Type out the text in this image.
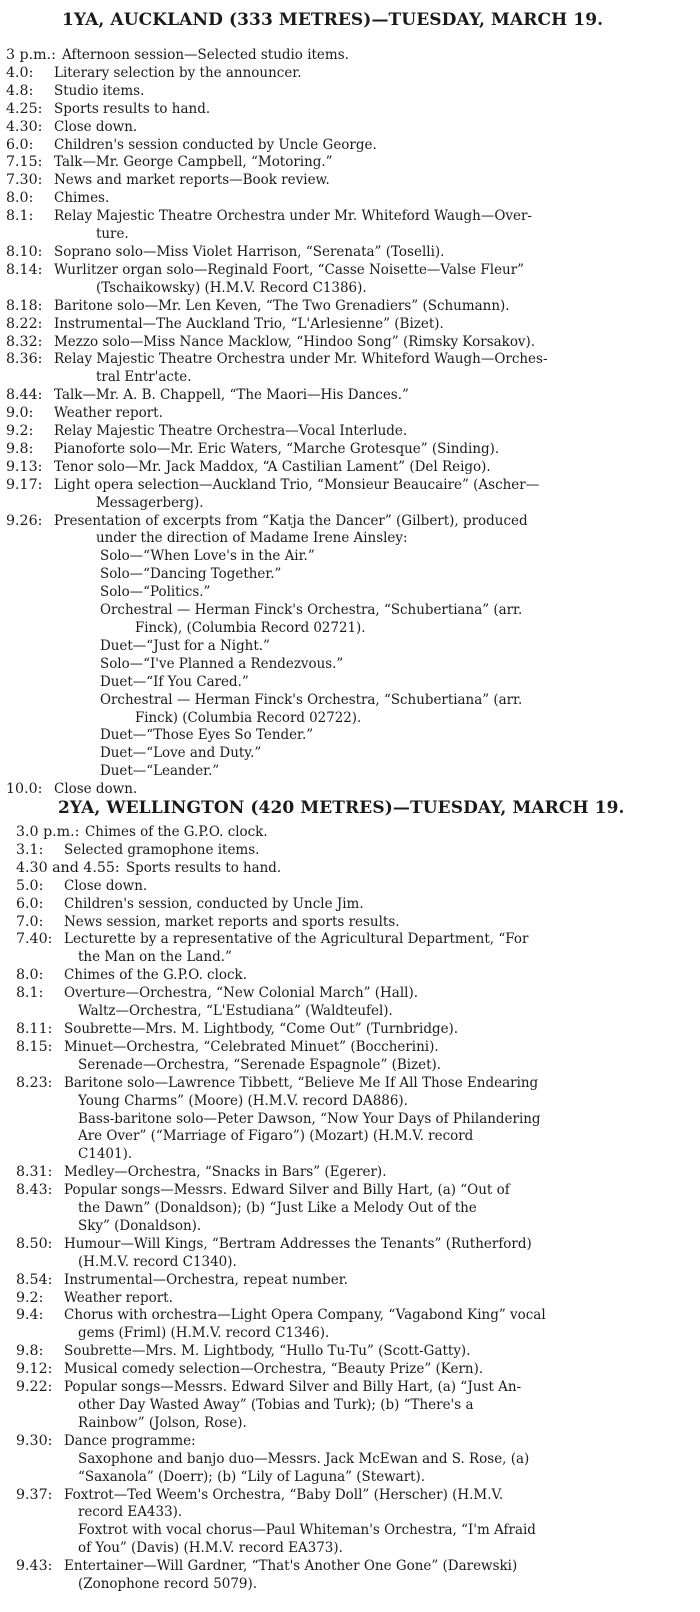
1YA, AUCKLAND (333 METRES)—TUESDAY, MARCH 19.
3 p.m.: Afternoon session—Selected studio items.
4.0: Literary selection by the announcer.
4.8: Studio items.
4.25: Sports results to hand.
4.30: Close down.
6.0: Children's session conducted by Uncle George.
7.15: Talk—Mr. George Campbell, “Motoring.”
7.30: News and market reports—Book review.
8.0: Chimes.
8.1: Relay Majestic Theatre Orchestra under Mr. Whiteford Waugh—Over-
ture.
8.10: Soprano solo—Miss Violet Harrison, “Serenata” (Toselli).
8.14: Wurlitzer organ solo—Reginald Foort, “Casse Noisette—Valse Fleur”
(Tschaikowsky) (H.M.V. Record C1386).
8.18: Baritone solo—Mr. Len Keven, “The Two Grenadiers” (Schumann).
8.22: Instrumental—The Auckland Trio, “L'Arlesienne” (Bizet).
8.32: Mezzo solo—Miss Nance Macklow, “Hindoo Song” (Rimsky Korsakov).
8.36: Relay Majestic Theatre Orchestra under Mr. Whiteford Waugh—Orches-
tral Entr'acte.
8.44: Talk—Mr. A. B. Chappell, “The Maori—His Dances.”
9.0: Weather report.
9.2: Relay Majestic Theatre Orchestra—Vocal Interlude.
9.8: Pianoforte solo—Mr. Eric Waters, “Marche Grotesque” (Sinding).
9.13: Tenor solo—Mr. Jack Maddox, “A Castilian Lament” (Del Reigo).
9.17: Light opera selection—Auckland Trio, “Monsieur Beaucaire” (Ascher—
Messagerberg).
9.26: Presentation of excerpts from “Katja the Dancer” (Gilbert), produced
under the direction of Madame Irene Ainsley:
Solo—“When Love's in the Air.”
Solo—“Dancing Together.”
Solo—“Politics.”
Orchestral — Herman Finck's Orchestra, “Schubertiana” (arr.
Finck), (Columbia Record 02721).
Duet—“Just for a Night.”
Solo—“I've Planned a Rendezvous.”
Duet—“If You Cared.”
Orchestral — Herman Finck's Orchestra, “Schubertiana” (arr.
Finck) (Columbia Record 02722).
Duet—“Those Eyes So Tender.”
Duet—“Love and Duty.”
Duet—“Leander.”
10.0: Close down.
2YA, WELLINGTON (420 METRES)—TUESDAY, MARCH 19.
3.0 p.m.: Chimes of the G.P.O. clock.
3.1: Selected gramophone items.
4.30 and 4.55: Sports results to hand.
5.0: Close down.
6.0: Children's session, conducted by Uncle Jim.
7.0: News session, market reports and sports results.
7.40: Lecturette by a representative of the Agricultural Department, “For
the Man on the Land.”
8.0: Chimes of the G.P.O. clock.
8.1: Overture—Orchestra, “New Colonial March” (Hall).
Waltz—Orchestra, “L'Estudiana” (Waldteufel).
8.11: Soubrette—Mrs. M. Lightbody, “Come Out” (Turnbridge).
8.15: Minuet—Orchestra, “Celebrated Minuet” (Boccherini).
Serenade—Orchestra, “Serenade Espagnole” (Bizet).
8.23: Baritone solo—Lawrence Tibbett, “Believe Me If All Those Endearing
Young Charms” (Moore) (H.M.V. record DA886).
Bass-baritone solo—Peter Dawson, “Now Your Days of Philandering
Are Over” (“Marriage of Figaro”) (Mozart) (H.M.V. record
C1401).
8.31: Medley—Orchestra, “Snacks in Bars” (Egerer).
8.43: Popular songs—Messrs. Edward Silver and Billy Hart, (a) “Out of
the Dawn” (Donaldson); (b) “Just Like a Melody Out of the
Sky” (Donaldson).
8.50: Humour—Will Kings, “Bertram Addresses the Tenants” (Rutherford)
(H.M.V. record C1340).
8.54: Instrumental—Orchestra, repeat number.
9.2: Weather report.
9.4: Chorus with orchestra—Light Opera Company, “Vagabond King” vocal
gems (Friml) (H.M.V. record C1346).
9.8: Soubrette—Mrs. M. Lightbody, “Hullo Tu-Tu” (Scott-Gatty).
9.12: Musical comedy selection—Orchestra, “Beauty Prize” (Kern).
9.22: Popular songs—Messrs. Edward Silver and Billy Hart, (a) “Just An-
other Day Wasted Away” (Tobias and Turk); (b) “There's a
Rainbow” (Jolson, Rose).
9.30: Dance programme:
Saxophone and banjo duo—Messrs. Jack McEwan and S. Rose, (a)
“Saxanola” (Doerr); (b) “Lily of Laguna” (Stewart).
9.37: Foxtrot—Ted Weem's Orchestra, “Baby Doll” (Herscher) (H.M.V.
record EA433).
Foxtrot with vocal chorus—Paul Whiteman's Orchestra, “I'm Afraid
of You” (Davis) (H.M.V. record EA373).
9.43: Entertainer—Will Gardner, “That's Another One Gone” (Darewski)
(Zonophone record 5079).
